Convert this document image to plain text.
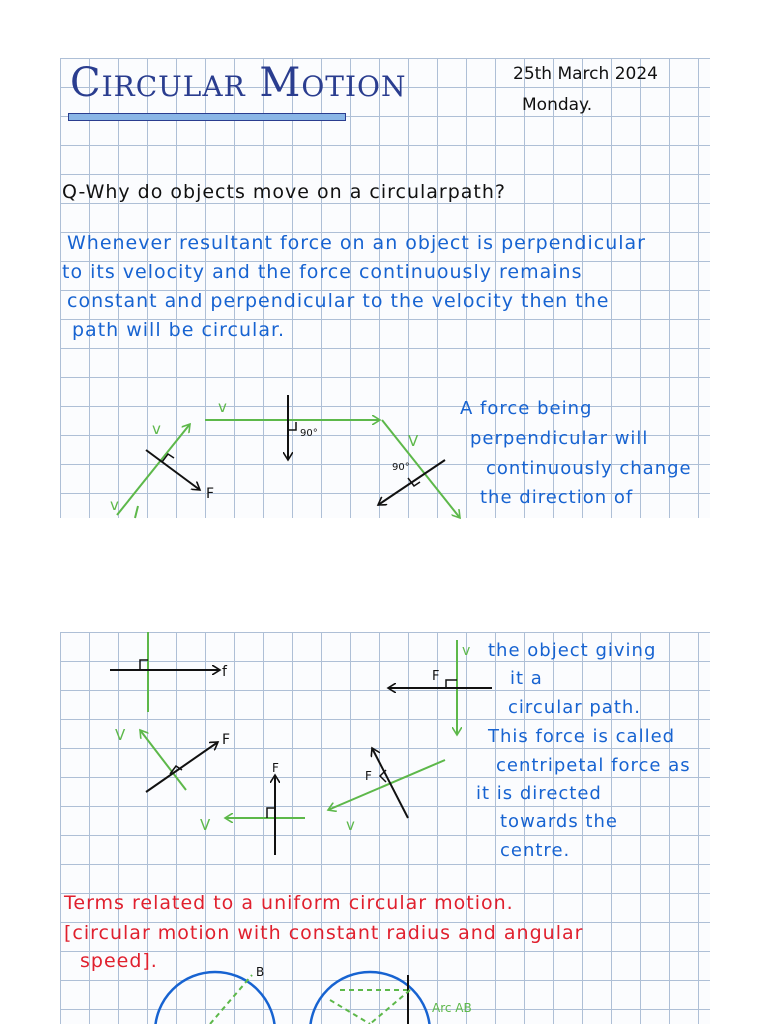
Circular Motion	25th March 2024
Monday.
Q-Why do objects move on a circularpath?
Whenever resultant force on an object is perpendicular
to its velocity and the force continuously remains
constant and perpendicular to the velocity then the
path will be circular.
A force being
perpendicular will
continuously change
the direction of
the object giving
it a
circular path.
This force is called
centripetal force as
it is directed
towards the
centre.
Terms related to a uniform circular motion.
[circular motion with constant radius and angular
speed].
v
v
V
v
F
90°
90°
f	F
v
V	F
F
F
V	v
B
Arc AB
